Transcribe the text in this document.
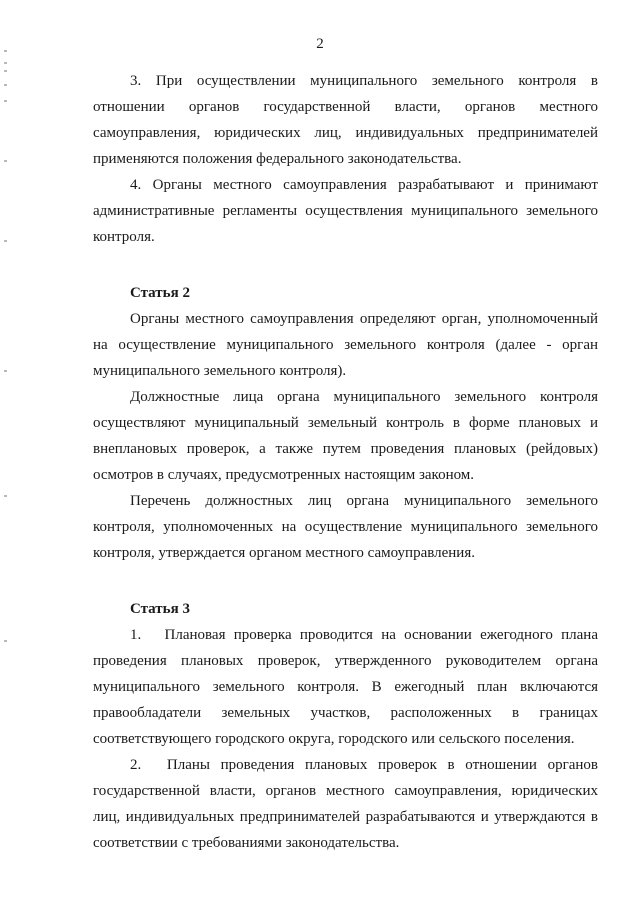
2

3. При осуществлении муниципального земельного контроля в отношении органов государственной власти, органов местного самоуправления, юридических лиц, индивидуальных предпринимателей применяются положения федерального законодательства.

4. Органы местного самоуправления разрабатывают и принимают административные регламенты осуществления муниципального земельного контроля.

Статья 2

Органы местного самоуправления определяют орган, уполномоченный на осуществление муниципального земельного контроля (далее - орган муниципального земельного контроля).

Должностные лица органа муниципального земельного контроля осуществляют муниципальный земельный контроль в форме плановых и внеплановых проверок, а также путем проведения плановых (рейдовых) осмотров в случаях, предусмотренных настоящим законом.

Перечень должностных лиц органа муниципального земельного контроля, уполномоченных на осуществление муниципального земельного контроля, утверждается органом местного самоуправления.

Статья 3

1.  Плановая проверка проводится на основании ежегодного плана проведения плановых проверок, утвержденного руководителем органа муниципального земельного контроля. В ежегодный план включаются правообладатели земельных участков, расположенных в границах соответствующего городского округа, городского или сельского поселения.

2.  Планы проведения плановых проверок в отношении органов государственной власти, органов местного самоуправления, юридических лиц, индивидуальных предпринимателей разрабатываются и утверждаются в соответствии с требованиями законодательства.
